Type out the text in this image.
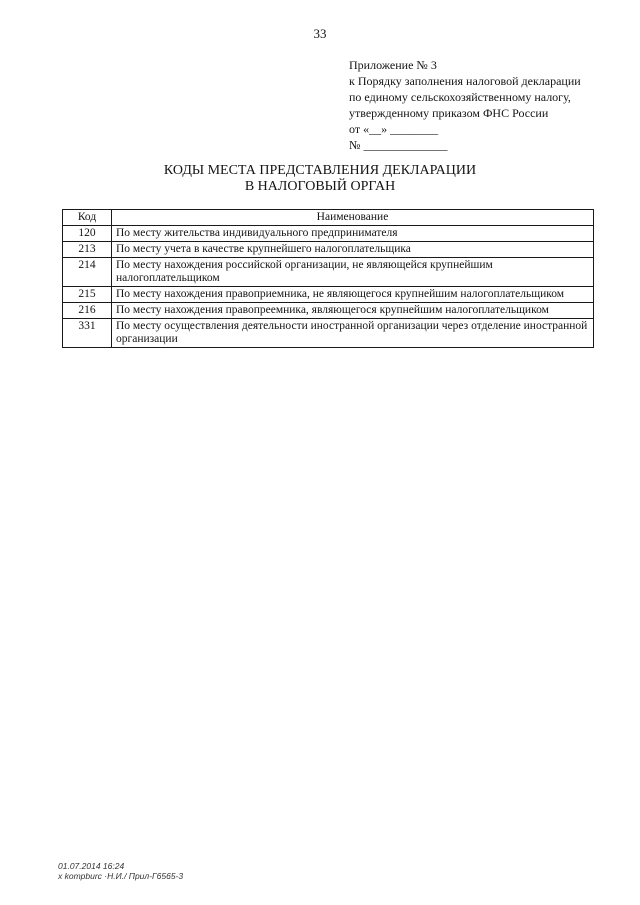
33
Приложение № 3
к Порядку заполнения налоговой декларации
по единому сельскохозяйственному налогу,
утвержденному приказом ФНС России
от «__» ________
№ ______________
КОДЫ МЕСТА ПРЕДСТАВЛЕНИЯ ДЕКЛАРАЦИИ
В НАЛОГОВЫЙ ОРГАН
Код	Наименование
120	По месту жительства индивидуального предпринимателя
213	По месту учета в качестве крупнейшего налогоплательщика
214	По месту нахождения российской организации, не являющейся крупнейшим налогоплательщиком
215	По месту нахождения правоприемника, не являющегося крупнейшим налогоплательщиком
216	По месту нахождения правопреемника, являющегося крупнейшим налогоплательщиком
331	По месту осуществления деятельности иностранной организации через отделение иностранной организации
01.07.2014 16:24
x kompburc ·Н.И./ Прил-Г6565-3
